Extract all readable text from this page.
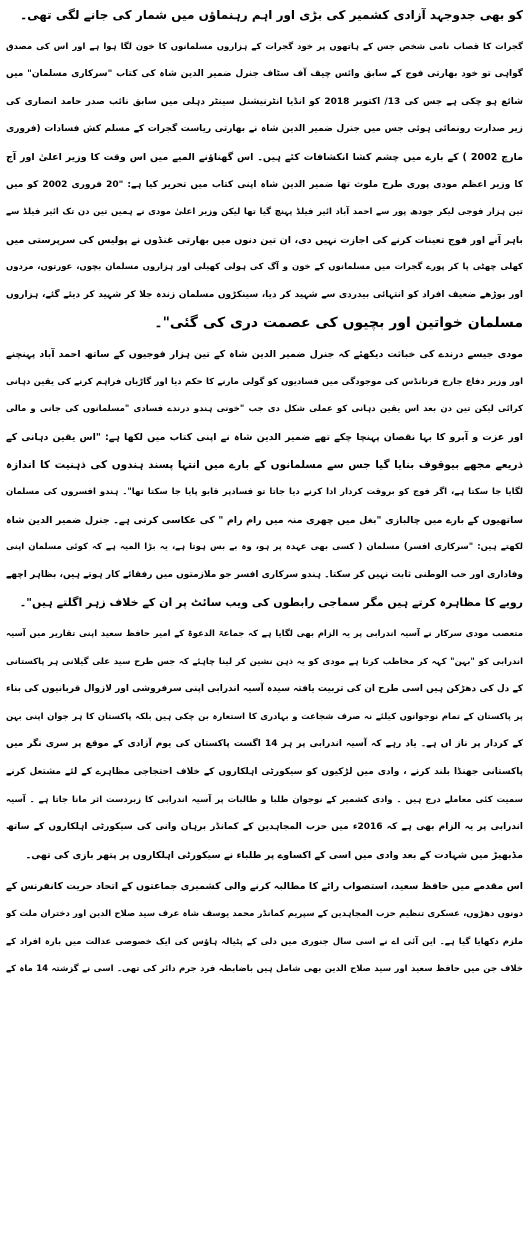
کو بھی جدوجہد آزادی کشمیر کی بڑی اور اہم رہنماؤں میں شمار کی جانے لگی تھی۔
گجرات کا قصاب نامی شخص جس کے ہاتھوں پر خود گجرات کے ہزاروں مسلمانوں کا خون لگا ہوا ہے اور اس کی مصدق
گواہی تو خود بھارتی فوج کے سابق وائس چیف آف سٹاف جنرل ضمیر الدین شاہ کی کتاب "سرکاری مسلمان" میں
شائع ہو چکی ہے جس کی 13/ اکتوبر 2018 کو انڈیا انٹرنیشنل سینٹر دہلی میں سابق نائب صدر حامد انصاری کی
زیر صدارت رونمائی ہوئی جس میں جنرل ضمیر الدین شاہ نے بھارتی ریاست گجرات کے مسلم کش فسادات (فروری
مارچ 2002 ) کے بارے میں چشم کشا انکشافات کئے ہیں۔ اس گھناؤنے المیے میں اس وقت کا وزیر اعلیٰ اور آج
کا وزیر اعظم مودی پوری طرح ملوث تھا ضمیر الدین شاہ اپنی کتاب میں تحریر کیا ہے: "20 فروری 2002 کو میں
تین ہزار فوجی لیکر جودھ پور سے احمد آباد ائیر فیلڈ پہنچ گیا تھا لیکن وزیر اعلیٰ مودی نے ہمیں تین دن تک ائیر فیلڈ سے
باہر آنے اور فوج تعینات کرنے کی اجازت نہیں دی، ان تین دنوں میں بھارتی غنڈوں نے پولیس کی سرپرستی میں
کھلی چھٹی پا کر پورے گجرات میں مسلمانوں کے خون و آگ کی ہولی کھیلی اور ہزاروں مسلمان بچوں، عورتوں، مردوں
اور بوڑھے ضعیف افراد کو انتہائی بیدردی سے شہید کر دیا، سینکڑوں مسلمان زندہ جلا کر شہید کر دیئے گئے، ہزاروں
مسلمان خواتین اور بچیوں کی عصمت دری کی گئی"۔
مودی جیسے درندے کی خباثت دیکھئے کہ جنرل ضمیر الدین شاہ کے تین ہزار فوجیوں کے ساتھ احمد آباد پہنچنے
اور وزیر دفاع جارج فرنانڈس کی موجودگی میں فسادیوں کو گولی مارنے کا حکم دیا اور گاڑیاں فراہم کرنے کی یقین دہانی
کرائی لیکن تین دن بعد اس یقین دہانی کو عملی شکل دی جب "خونی ہندو درندے فسادی "مسلمانوں کی جانی و مالی
اور عزت و آبرو کا بہا نقصان پہنچا چکے تھے ضمیر الدین شاہ نے اپنی کتاب میں لکھا ہے: "اس یقین دہانی کے
ذریعے مجھے بیوقوف بنایا گیا جس سے مسلمانوں کے بارے میں انتہا پسند ہندوں کی ذہنیت کا اندازہ
لگایا جا سکتا ہے، اگر فوج کو بروقت کردار ادا کرنے دیا جاتا تو فسادپر قابو پایا جا سکتا تھا"۔ ہندو افسروں کی مسلمان
ساتھیوں کے بارے میں چالبازی "بغل میں چھری منہ میں رام رام " کی عکاسی کرتی ہے۔ جنرل ضمیر الدین شاہ
لکھتے ہیں: "سرکاری افسر) مسلمان ( کسی بھی عہدہ پر ہو، وہ بے بس ہوتا ہے، یہ بڑا المیہ ہے کہ کوئی مسلمان اپنی
وفاداری اور حب الوطنی ثابت نہیں کر سکتا۔ ہندو سرکاری افسر جو ملازمتوں میں رفقائے کار ہوتے ہیں، بظاہر اچھے
رویے کا مظاہرہ کرتے ہیں مگر سماجی رابطوں کی ویب سائٹ پر ان کے خلاف زہر اگلتے ہیں"۔
متعصب مودی سرکار نے آسیہ اندرابی پر یہ الزام بھی لگایا ہے کہ جماعۃ الدعوۃ کے امیر حافظ سعید اپنی تقاریر میں آسیہ
اندرابی کو "بہن" کہہ کر مخاطب کرتا ہے مودی کو یہ ذہن نشین کر لینا چاہئے کہ جس طرح سید علی گیلانی ہر پاکستانی
کے دل کی دھڑکن ہیں اسی طرح ان کی تربیت یافتہ سیدہ آسیہ اندرابی اپنی سرفروشی اور لازوال قربانیوں کی بناء
پر پاکستان کے تمام نوجوانوں کیلئے نہ صرف شجاعت و بہادری کا استعارہ بن چکی ہیں بلکہ پاکستان کا ہر جوان اپنی بہن
کے کردار پر ناز اں ہے۔ یاد رہے کہ آسیہ اندرابی پر ہر 14 اگست پاکستان کی یوم آزادی کے موقع پر سری نگر میں
پاکستانی جھنڈا بلند کرنے ، وادی میں لڑکیوں کو سیکورٹی اہلکاروں کے خلاف احتجاجی مظاہرے کے لئے مشتعل کرنے
سمیت کئی معاملے درج ہیں ۔ وادی کشمیر کے نوجوان طلبا و طالبات پر آسیہ اندرابی کا زبردست اثر مانا جاتا ہے ۔ آسیہ
اندرابی پر یہ الزام بھی ہے کہ 2016ء میں حزب المجاہدین کے کمانڈر برہان وانی کی سیکورٹی اہلکاروں کے ساتھ
مڈبھیڑ میں شہادت کے بعد وادی میں اسی کے اکساوے پر طلباء نے سیکورٹی اہلکاروں پر پتھر بازی کی تھی۔
اس مقدمے میں حافظ سعید، استصواب رائے کا مطالبہ کرنے والی کشمیری جماعتوں کے اتحاد حریت کانفرنس کے
دونوں دھڑوں، عسکری تنظیم حزب المجاہدین کے سپریم کمانڈر محمد یوسف شاہ عرف سید صلاح الدین اور دختران ملت کو
ملزم دکھایا گیا ہے۔ این آئی اے نے اسی سال جنوری میں دلی کے پٹیالہ ہاؤس کی ایک خصوصی عدالت میں بارہ افراد کے
خلاف جن میں حافظ سعید اور سید صلاح الدین بھی شامل ہیں باضابطہ فرد جرم دائر کی تھی۔ اسی نے گزشتہ 14 ماہ کے
